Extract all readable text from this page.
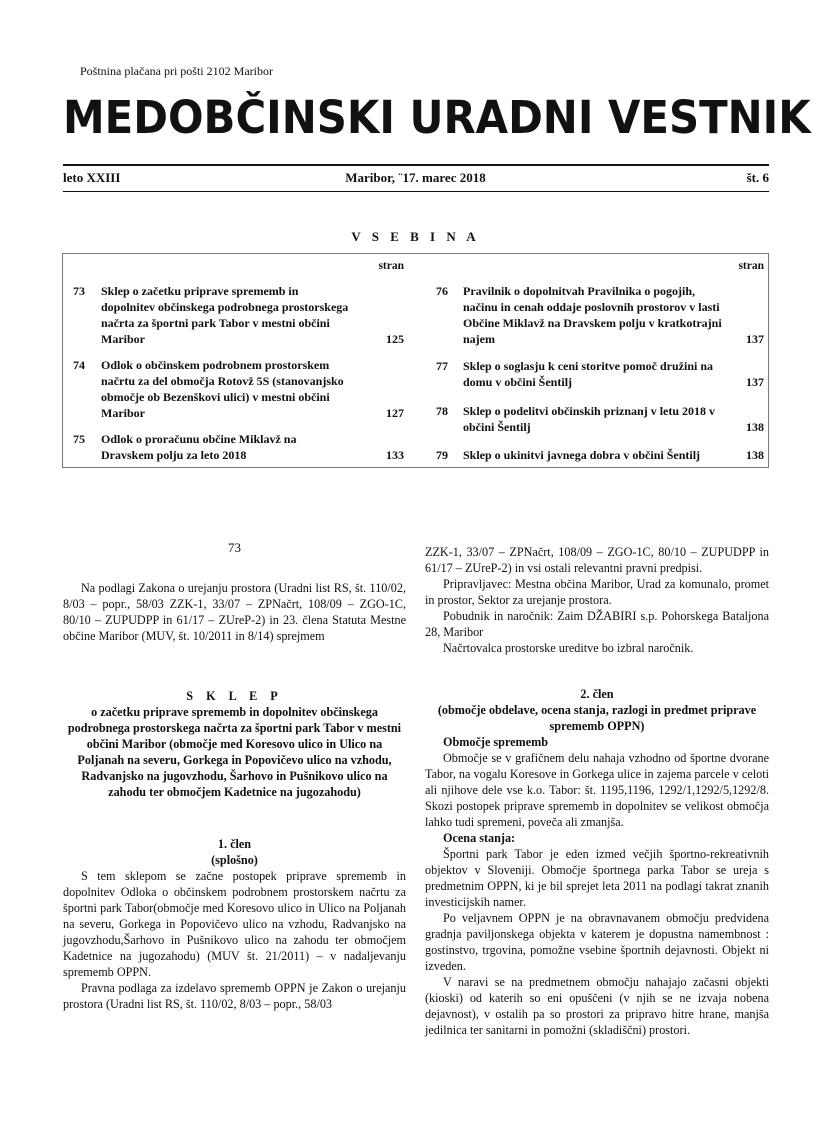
Poštnina plačana pri pošti 2102 Maribor
MEDOBČINSKI URADNI VESTNIK
leto XXIII	Maribor, ¨17. marec 2018	št. 6
V S E B I N A
stran
73 Sklep o začetku priprave sprememb in dopolnitev občinskega podrobnega prostorskega načrta za športni park Tabor v mestni občini Maribor	125
74 Odlok o občinskem podrobnem prostorskem načrtu za del območja Rotovž 5S (stanovanjsko območje ob Bezenškovi ulici) v mestni občini Maribor	127
75 Odlok o proračunu občine Miklavž na Dravskem polju za leto 2018	133
stran
76 Pravilnik o dopolnitvah Pravilnika o pogojih, načinu in cenah oddaje poslovnih prostorov v lasti Občine Miklavž na Dravskem polju v kratkotrajni najem	137
77 Sklep o soglasju k ceni storitve pomoč družini na domu v občini Šentilj	137
78 Sklep o podelitvi občinskih priznanj v letu 2018 v občini Šentilj	138
79 Sklep o ukinitvi javnega dobra v občini Šentilj	138

73

Na podlagi Zakona o urejanju prostora (Uradni list RS, št. 110/02, 8/03 – popr., 58/03 ZZK-1, 33/07 – ZPNačrt, 108/09 – ZGO-1C, 80/10 – ZUPUDPP in 61/17 – ZUreP-2) in 23. člena Statuta Mestne občine Maribor (MUV, št. 10/2011 in 8/14) sprejmem

S K L E P

o začetku priprave sprememb in dopolnitev občinskega podrobnega prostorskega načrta za športni park Tabor v mestni občini Maribor (območje med Koresovo ulico in Ulico na Poljanah na severu, Gorkega in Popovičevo ulico na vzhodu, Radvanjsko na jugovzhodu, Šarhovo in Pušnikovo ulico na zahodu ter območjem Kadetnice na jugozahodu)

1. člen

(splošno)

S tem sklepom se začne postopek priprave sprememb in dopolnitev Odloka o občinskem podrobnem prostorskem načrtu za športni park Tabor(območje med Koresovo ulico in Ulico na Poljanah na severu, Gorkega in Popovičevo ulico na vzhodu, Radvanjsko na jugovzhodu,Šarhovo in Pušnikovo ulico na zahodu ter območjem Kadetnice na jugozahodu) (MUV št. 21/2011) – v nadaljevanju sprememb OPPN.

Pravna podlaga za izdelavo sprememb OPPN je Zakon o urejanju prostora (Uradni list RS, št. 110/02, 8/03 – popr., 58/03

ZZK-1, 33/07 – ZPNačrt, 108/09 – ZGO-1C, 80/10 – ZUPUDPP in 61/17 – ZUreP-2) in vsi ostali relevantni pravni predpisi.

Pripravljavec: Mestna občina Maribor, Urad za komunalo, promet in prostor, Sektor za urejanje prostora.

Pobudnik in naročnik: Zaim DŽABIRI s.p. Pohorskega Bataljona 28, Maribor

Načrtovalca prostorske ureditve bo izbral naročnik.

2. člen

(območje obdelave, ocena stanja, razlogi in predmet priprave sprememb OPPN)

Območje sprememb

Območje se v grafičnem delu nahaja vzhodno od športne dvorane Tabor, na vogalu Koresove in Gorkega ulice in zajema parcele v celoti ali njihove dele vse k.o. Tabor: št. 1195,1196, 1292/1,1292/5,1292/8. Skozi postopek priprave sprememb in dopolnitev se velikost območja lahko tudi spremeni, poveča ali zmanjša.

Ocena stanja:

Športni park Tabor je eden izmed večjih športno-rekreativnih objektov v Sloveniji. Območje športnega parka Tabor se ureja s predmetnim OPPN, ki je bil sprejet leta 2011 na podlagi takrat znanih investicijskih namer.

Po veljavnem OPPN je na obravnavanem območju predvidena gradnja paviljonskega objekta v katerem je dopustna namembnost : gostinstvo, trgovina, pomožne vsebine športnih dejavnosti. Objekt ni izveden.

V naravi se na predmetnem območju nahajajo začasni objekti (kioski) od katerih so eni opuščeni (v njih se ne izvaja nobena dejavnost), v ostalih pa so prostori za pripravo hitre hrane, manjša jedilnica ter sanitarni in pomožni (skladiščni) prostori.
